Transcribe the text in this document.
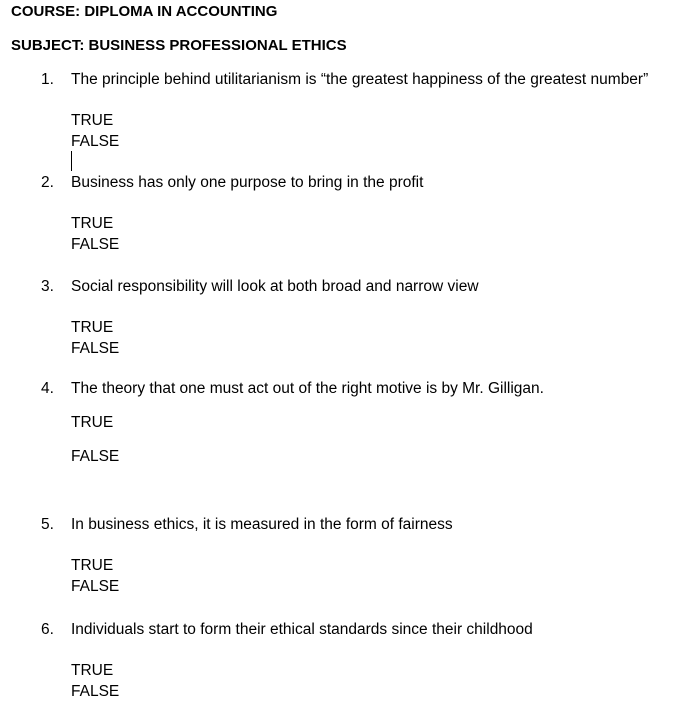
COURSE: DIPLOMA IN ACCOUNTING
SUBJECT: BUSINESS PROFESSIONAL ETHICS
1. The principle behind utilitarianism is “the greatest happiness of the greatest number”
TRUE
FALSE
2. Business has only one purpose to bring in the profit
TRUE
FALSE
3. Social responsibility will look at both broad and narrow view
TRUE
FALSE
4. The theory that one must act out of the right motive is by Mr. Gilligan.
TRUE
FALSE
5. In business ethics, it is measured in the form of fairness
TRUE
FALSE
6. Individuals start to form their ethical standards since their childhood
TRUE
FALSE
